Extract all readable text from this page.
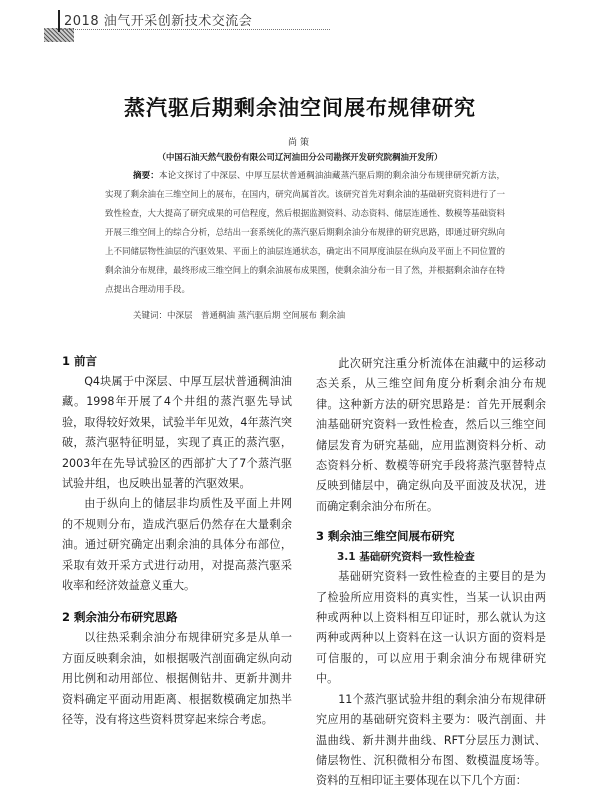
2018 油气开采创新技术交流会
蒸汽驱后期剩余油空间展布规律研究
尚策
（中国石油天然气股份有限公司辽河油田分公司勘探开发研究院稠油开发所）
摘要：本论文探讨了中深层、中厚互层状普通稠油油藏蒸汽驱后期的剩余油分布规律研究新方法，实现了剩余油在三维空间上的展布，在国内，研究尚属首次。该研究首先对剩余油的基础研究资料进行了一致性检查，大大提高了研究成果的可信程度，然后根据监测资料、动态资料、储层连通性、数模等基础资料开展三维空间上的综合分析，总结出一套系统化的蒸汽驱后期剩余油分布规律的研究思路，即通过研究纵向上不同储层物性油层的汽驱效果、平面上的油层连通状态，确定出不同厚度油层在纵向及平面上不同位置的剩余油分布规律，最终形成三维空间上的剩余油展布成果图，使剩余油分布一目了然，并根据剩余油存在特点提出合理动用手段。
关键词：中深层　普通稠油 蒸汽驱后期 空间展布 剩余油
1 前言

Q4块属于中深层、中厚互层状普通稠油油藏。1998年开展了4个井组的蒸汽驱先导试验，取得较好效果，试验半年见效，4年蒸汽突破，蒸汽驱特征明显，实现了真正的蒸汽驱，2003年在先导试验区的西部扩大了7个蒸汽驱试验井组，也反映出显著的汽驱效果。

由于纵向上的储层非均质性及平面上井网的不规则分布，造成汽驱后仍然存在大量剩余油。通过研究确定出剩余油的具体分布部位，采取有效开采方式进行动用，对提高蒸汽驱采收率和经济效益意义重大。

2 剩余油分布研究思路

以往热采剩余油分布规律研究多是从单一方面反映剩余油，如根据吸汽剖面确定纵向动用比例和动用部位、根据侧钻井、更新井测井资料确定平面动用距离、根据数模确定加热半径等，没有将这些资料贯穿起来综合考虑。

此次研究注重分析流体在油藏中的运移动态关系，从三维空间角度分析剩余油分布规律。这种新方法的研究思路是：首先开展剩余油基础研究资料一致性检查，然后以三维空间储层发育为研究基础，应用监测资料分析、动态资料分析、数模等研究手段将蒸汽驱替特点反映到储层中，确定纵向及平面波及状况，进而确定剩余油分布所在。

3 剩余油三维空间展布研究
3.1 基础研究资料一致性检查

基础研究资料一致性检查的主要目的是为了检验所应用资料的真实性，当某一认识由两种或两种以上资料相互印证时，那么就认为这两种或两种以上资料在这一认识方面的资料是可信服的，可以应用于剩余油分布规律研究中。

11个蒸汽驱试验井组的剩余油分布规律研究应用的基础研究资料主要为：吸汽剖面、井温曲线、新井测井曲线、RFT分层压力测试、储层物性、沉积微相分布图、数模温度场等。资料的互相印证主要体现在以下几个方面：
